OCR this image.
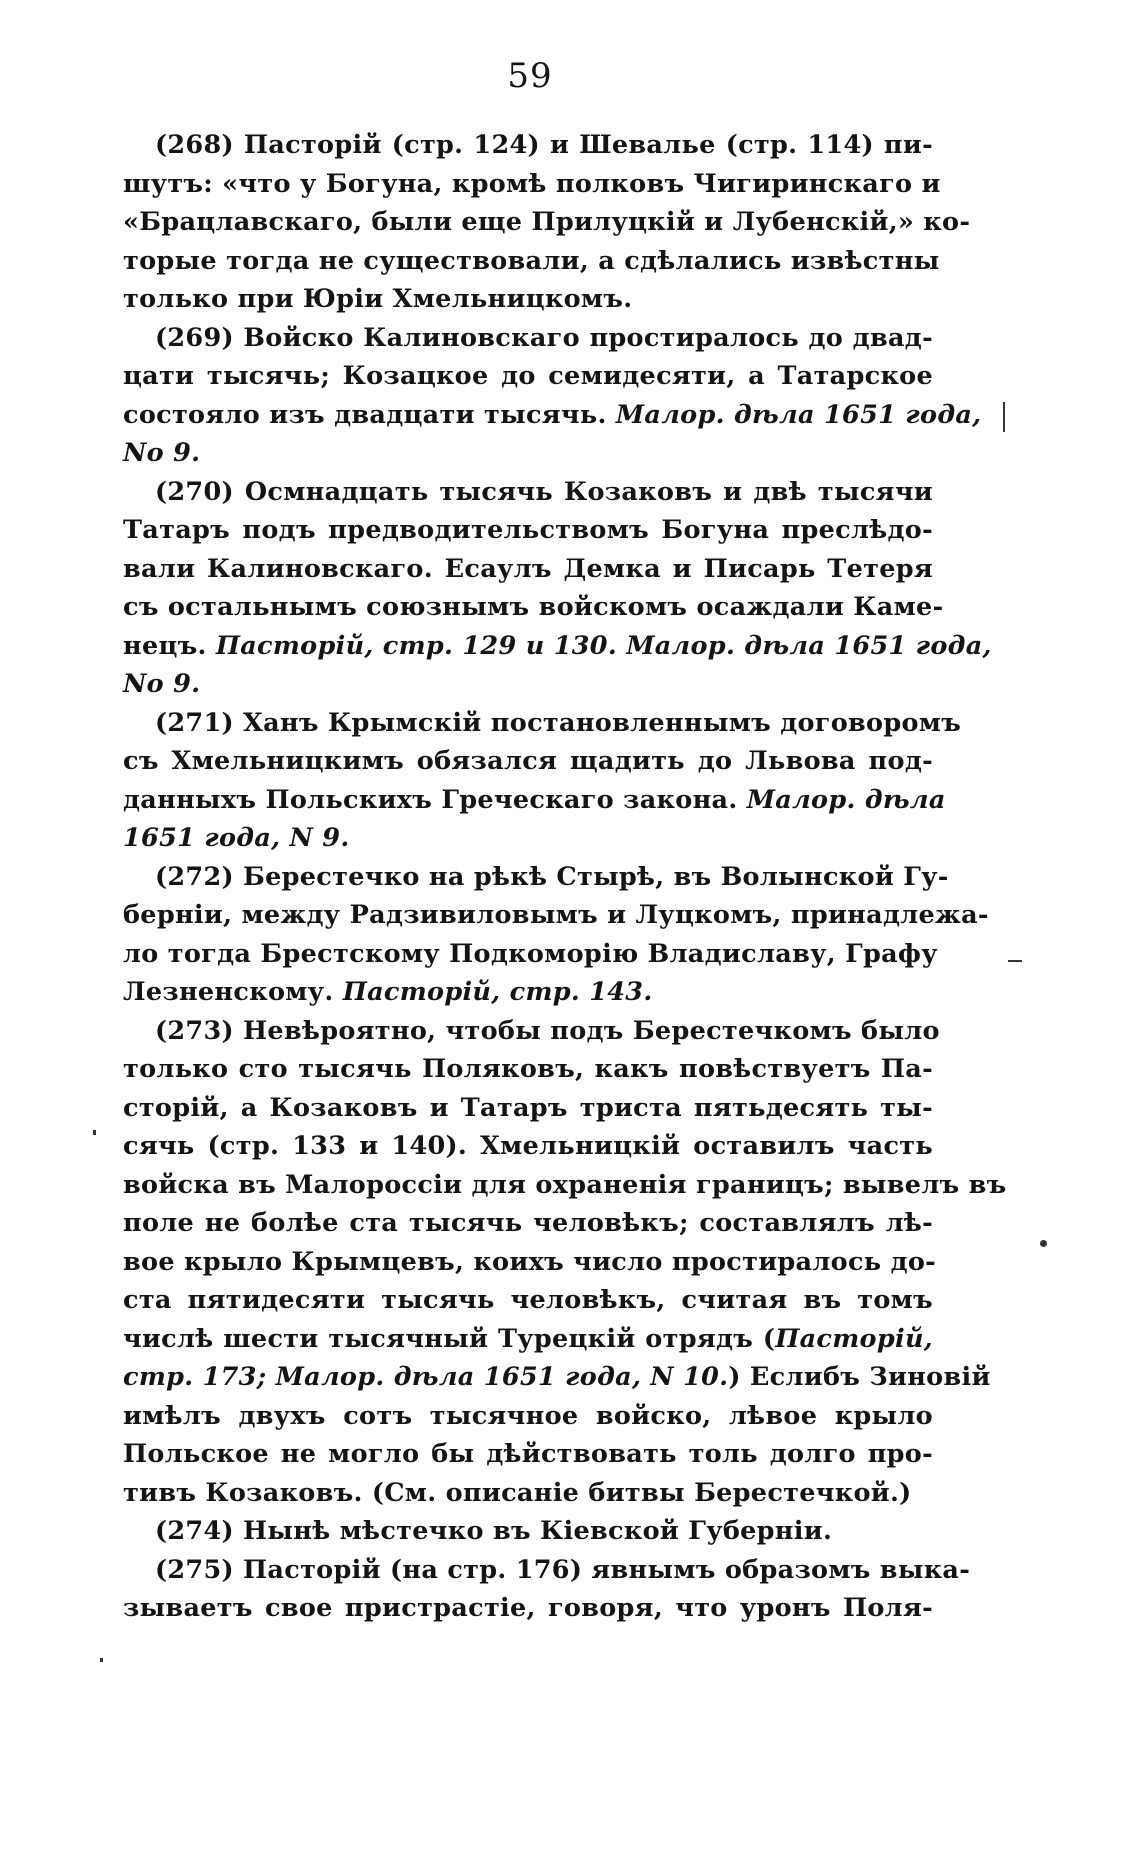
59
(268) Пасторій (стр. 124) и Шевалье (стр. 114) пи-
шутъ: «что у Богуна, кромѣ полковъ Чигиринскаго и
«Брацлавскаго, были еще Прилуцкій и Лубенскій,» ко-
торые тогда не существовали, а сдѣлались извѣстны
только при Юріи Хмельницкомъ.
(269) Войско Калиновскаго простиралось до двад-
цати тысячь; Козацкое до семидесяти, а Татарское
состояло изъ двадцати тысячь. Малор. дѣла 1651 года,
No 9.
(270) Осмнадцать тысячь Козаковъ и двѣ тысячи
Татаръ подъ предводительствомъ Богуна преслѣдо-
вали Калиновскаго. Есаулъ Демка и Писарь Тетеря
съ остальнымъ союзнымъ войскомъ осаждали Каме-
нецъ. Пасторій, стр. 129 и 130. Малор. дѣла 1651 года,
No 9.
(271) Ханъ Крымскій постановленнымъ договоромъ
съ Хмельницкимъ обязался щадить до Львова под-
данныхъ Польскихъ Греческаго закона. Малор. дѣла
1651 года, N 9.
(272) Берестечко на рѣкѣ Стырѣ, въ Волынской Гу-
берніи, между Радзивиловымъ и Луцкомъ, принадлежа-
ло тогда Брестскому Подкоморію Владиславу, Графу
Лезненскому. Пасторій, стр. 143.
(273) Невѣроятно, чтобы подъ Берестечкомъ было
только сто тысячь Поляковъ, какъ повѣствуетъ Па-
сторій, а Козаковъ и Татаръ триста пятьдесять ты-
сячь (стр. 133 и 140). Хмельницкій оставилъ часть
войска въ Малороссіи для охраненія границъ; вывелъ въ
поле не болѣе ста тысячь человѣкъ; составлялъ лѣ-
вое крыло Крымцевъ, коихъ число простиралось до-
ста пятидесяти тысячь человѣкъ, считая въ томъ
числѣ шести тысячный Турецкій отрядъ (Пасторій,
стр. 173; Малор. дѣла 1651 года, N 10.) Еслибъ Зиновій
имѣлъ двухъ сотъ тысячное войско, лѣвое крыло
Польское не могло бы дѣйствовать толь долго про-
тивъ Козаковъ. (См. описаніе битвы Берестечкой.)
(274) Нынѣ мѣстечко въ Кіевской Губерніи.
(275) Пасторій (на стр. 176) явнымъ образомъ выка-
зываетъ свое пристрастіе, говоря, что уронъ Поля-
